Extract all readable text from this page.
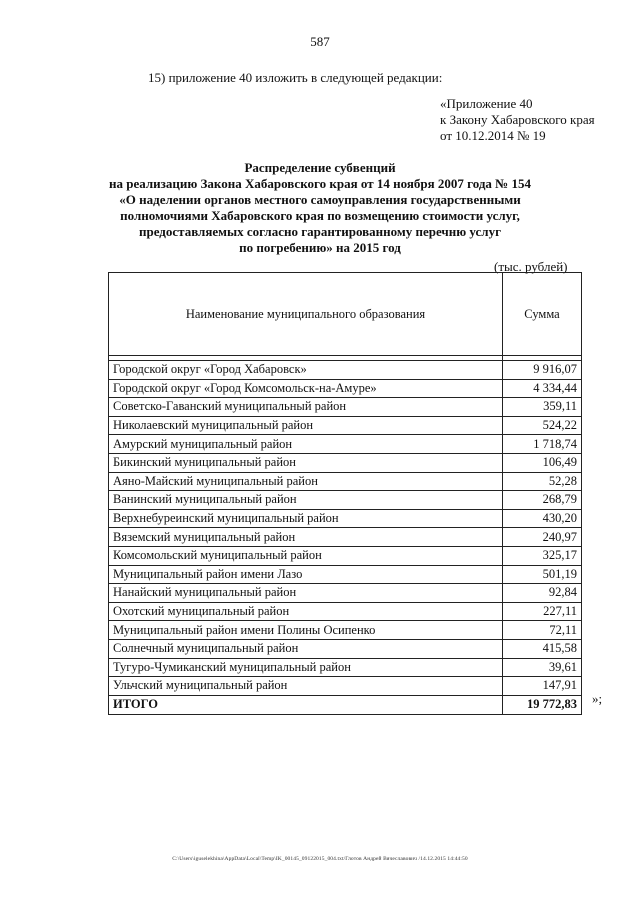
587
15) приложение 40 изложить в следующей редакции:
«Приложение 40
к Закону Хабаровского края
от 10.12.2014 № 19
Распределение субвенций
на реализацию Закона Хабаровского края от 14 ноября 2007 года № 154
«О наделении органов местного самоуправления государственными
полномочиями Хабаровского края по возмещению стоимости услуг,
предоставляемых согласно гарантированному перечню услуг
по погребению» на 2015 год
(тыс. рублей)
Наименование муниципального образования	Сумма

Городской округ «Город Хабаровск»	9 916,07
Городской округ «Город Комсомольск-на-Амуре»	4 334,44
Советско-Гаванский муниципальный район	359,11
Николаевский муниципальный район	524,22
Амурский муниципальный район	1 718,74
Бикинский муниципальный район	106,49
Аяно-Майский муниципальный район	52,28
Ванинский муниципальный район	268,79
Верхнебуреинский муниципальный район	430,20
Вяземский муниципальный район	240,97
Комсомольский муниципальный район	325,17
Муниципальный район имени Лазо	501,19
Нанайский муниципальный район	92,84
Охотский муниципальный район	227,11
Муниципальный район имени Полины Осипенко	72,11
Солнечный муниципальный район	415,58
Тугуро-Чумиканский муниципальный район	39,61
Ульчский муниципальный район	147,91
ИТОГО	19 772,83 »;
C:\Users\iguselekhina\AppData\Local\Temp\IK_00145_09122015_004.txt/Глотов Андрей Вячеславович /14.12.2015 14:44:50
